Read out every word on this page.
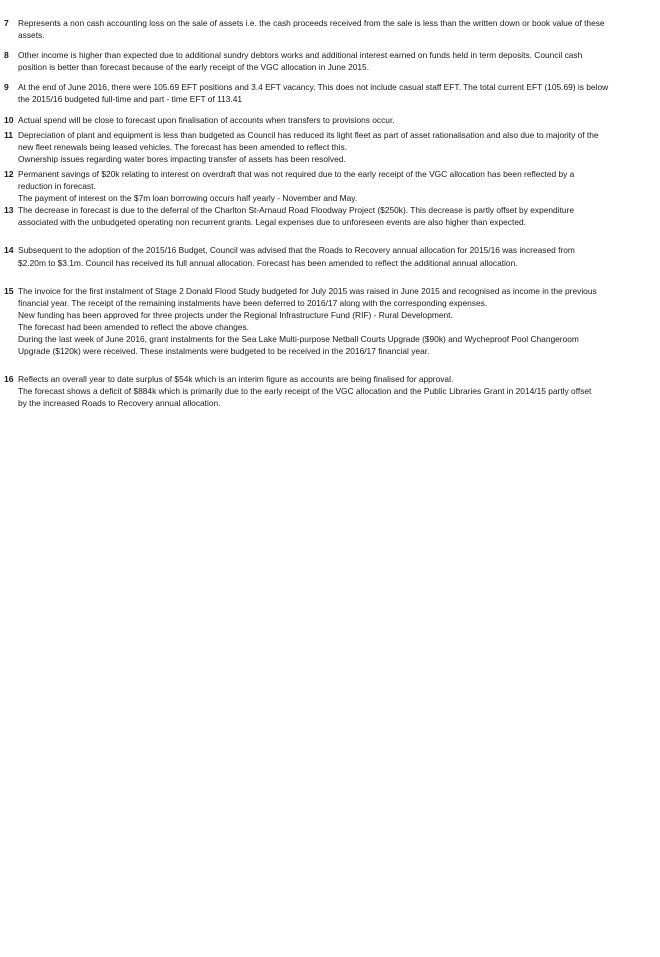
7 Represents a non cash accounting loss on the sale of assets i.e. the cash proceeds received from the sale is less than the written down or book value of these
assets.
8 Other income is higher than expected due to additional sundry debtors works and additional interest earned on funds held in term deposits. Council cash
position is better than forecast because of the early receipt of the VGC allocation in June 2015.
9 At the end of June 2016, there were 105.69 EFT positions and 3.4 EFT vacancy. This does not include casual staff EFT. The total current EFT (105.69) is below
the 2015/16 budgeted full-time and part - time EFT of 113.41
10 Actual spend will be close to forecast upon finalisation of accounts when transfers to provisions occur.
11 Depreciation of plant and equipment is less than budgeted as Council has reduced its light fleet as part of asset rationalisation and also due to majority of the
new fleet renewals being leased vehicles. The forecast has been amended to reflect this.
Ownership issues regarding water bores impacting transfer of assets has been resolved.
12 Permanent savings of $20k relating to interest on overdraft that was not required due to the early receipt of the VGC allocation has been reflected by a
reduction in forecast.
The payment of interest on the $7m loan borrowing occurs half yearly - November and May.
13 The decrease in forecast is due to the deferral of the Charlton St-Arnaud Road Floodway Project ($250k). This decrease is partly offset by expenditure
associated with the unbudgeted operating non recurrent grants. Legal expenses due to unforeseen events are also higher than expected.
14 Subsequent to the adoption of the 2015/16 Budget, Council was advised that the Roads to Recovery annual allocation for 2015/16 was increased from
$2.20m to $3.1m. Council has received its full annual allocation. Forecast has been amended to reflect the additional annual allocation.
15 The invoice for the first instalment of Stage 2 Donald Flood Study budgeted for July 2015 was raised in June 2015 and recognised as income in the previous
financial year. The receipt of the remaining instalments have been deferred to 2016/17 along with the corresponding expenses.
New funding has been approved for three projects under the Regional Infrastructure Fund (RIF) - Rural Development.
The forecast had been amended to reflect the above changes.
During the last week of June 2016, grant instalments for the Sea Lake Multi-purpose Netball Courts Upgrade ($90k) and Wycheproof Pool Changeroom
Upgrade ($120k) were received. These instalments were budgeted to be received in the 2016/17 financial year.
16 Reflects an overall year to date surplus of $54k which is an interim figure as accounts are being finalised for approval.
The forecast shows a deficit of $884k which is primarily due to the early receipt of the VGC allocation and the Public Libraries Grant in 2014/15 partly offset
by the increased Roads to Recovery annual allocation.
